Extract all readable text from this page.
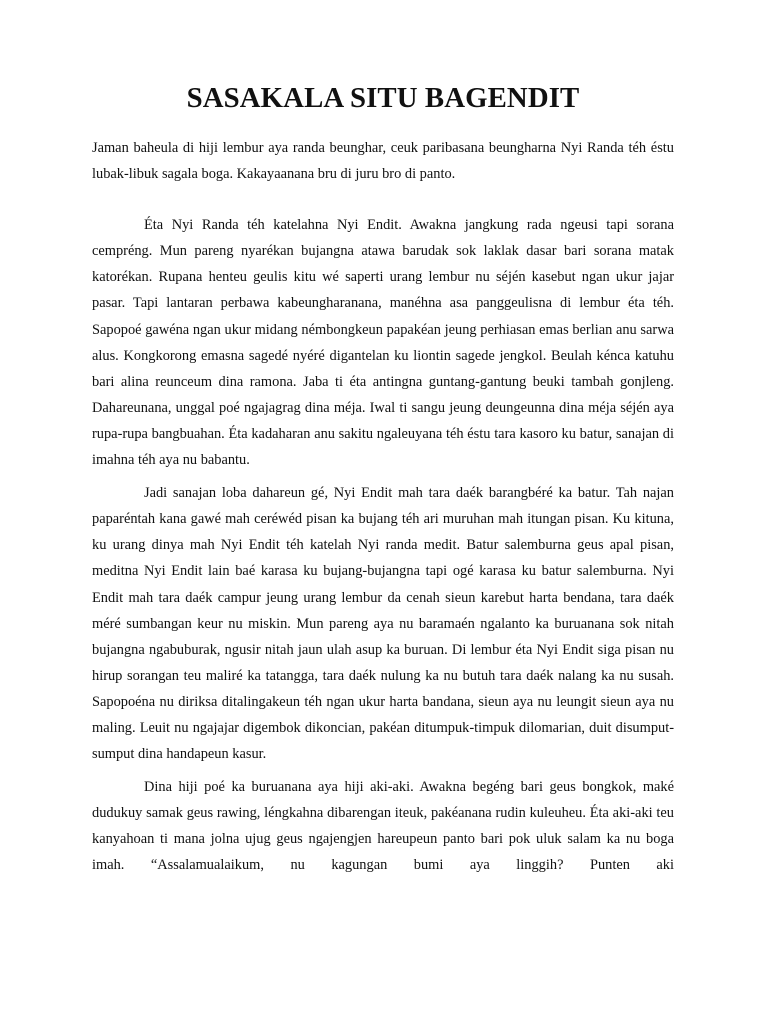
SASAKALA SITU BAGENDIT

Jaman baheula di hiji lembur aya randa beunghar, ceuk paribasana beungharna Nyi Randa téh éstu lubak-libuk sagala boga. Kakayaanana bru di juru bro di panto.

Éta Nyi Randa téh katelahna Nyi Endit. Awakna jangkung rada ngeusi tapi sorana cempréng. Mun pareng nyarékan bujangna atawa barudak sok laklak dasar bari sorana matak katorékan. Rupana henteu geulis kitu wé saperti urang lembur nu séjén kasebut ngan ukur jajar pasar. Tapi lantaran perbawa kabeungharanana, manéhna asa panggeulisna di lembur éta téh. Sapopoé gawéna ngan ukur midang némbongkeun papakéan jeung perhiasan emas berlian anu sarwa alus. Kongkorong emasna sagedé nyéré digantelan ku liontin sagede jengkol. Beulah kénca katuhu bari alina reunceum dina ramona. Jaba ti éta antingna guntang-gantung beuki tambah gonjleng. Dahareunana, unggal poé ngajagrag dina méja. Iwal ti sangu jeung deungeunna dina méja séjén aya rupa-rupa bangbuahan. Éta kadaharan anu sakitu ngaleuyana téh éstu tara kasoro ku batur, sanajan di imahna téh aya nu babantu.

Jadi sanajan loba dahareun gé, Nyi Endit mah tara daék barangbéré ka batur. Tah najan paparéntah kana gawé mah ceréwéd pisan ka bujang téh ari muruhan mah itungan pisan. Ku kituna, ku urang dinya mah Nyi Endit téh katelah Nyi randa medit. Batur salemburna geus apal pisan, meditna Nyi Endit lain baé karasa ku bujang-bujangna tapi ogé karasa ku batur salemburna. Nyi Endit mah tara daék campur jeung urang lembur da cenah sieun karebut harta bendana, tara daék méré sumbangan keur nu miskin. Mun pareng aya nu baramaén ngalanto ka buruanana sok nitah bujangna ngabuburak, ngusir nitah jaun ulah asup ka buruan. Di lembur éta Nyi Endit siga pisan nu hirup sorangan teu maliré ka tatangga, tara daék nulung ka nu butuh tara daék nalang ka nu susah. Sapopoéna nu diriksa ditalingakeun téh ngan ukur harta bandana, sieun aya nu leungit sieun aya nu maling. Leuit nu ngajajar digembok dikoncian, pakéan ditumpuk-timpuk dilomarian, duit disumput-sumput dina handapeun kasur.

Dina hiji poé ka buruanana aya hiji aki-aki. Awakna begéng bari geus bongkok, maké dudukuy samak geus rawing, léngkahna dibarengan iteuk, pakéanana rudin kuleuheu. Éta aki-aki teu kanyahoan ti mana jolna ujug geus ngajengjen hareupeun panto bari pok uluk salam ka nu boga imah. “Assalamualaikum, nu kagungan bumi aya linggih? Punten aki
